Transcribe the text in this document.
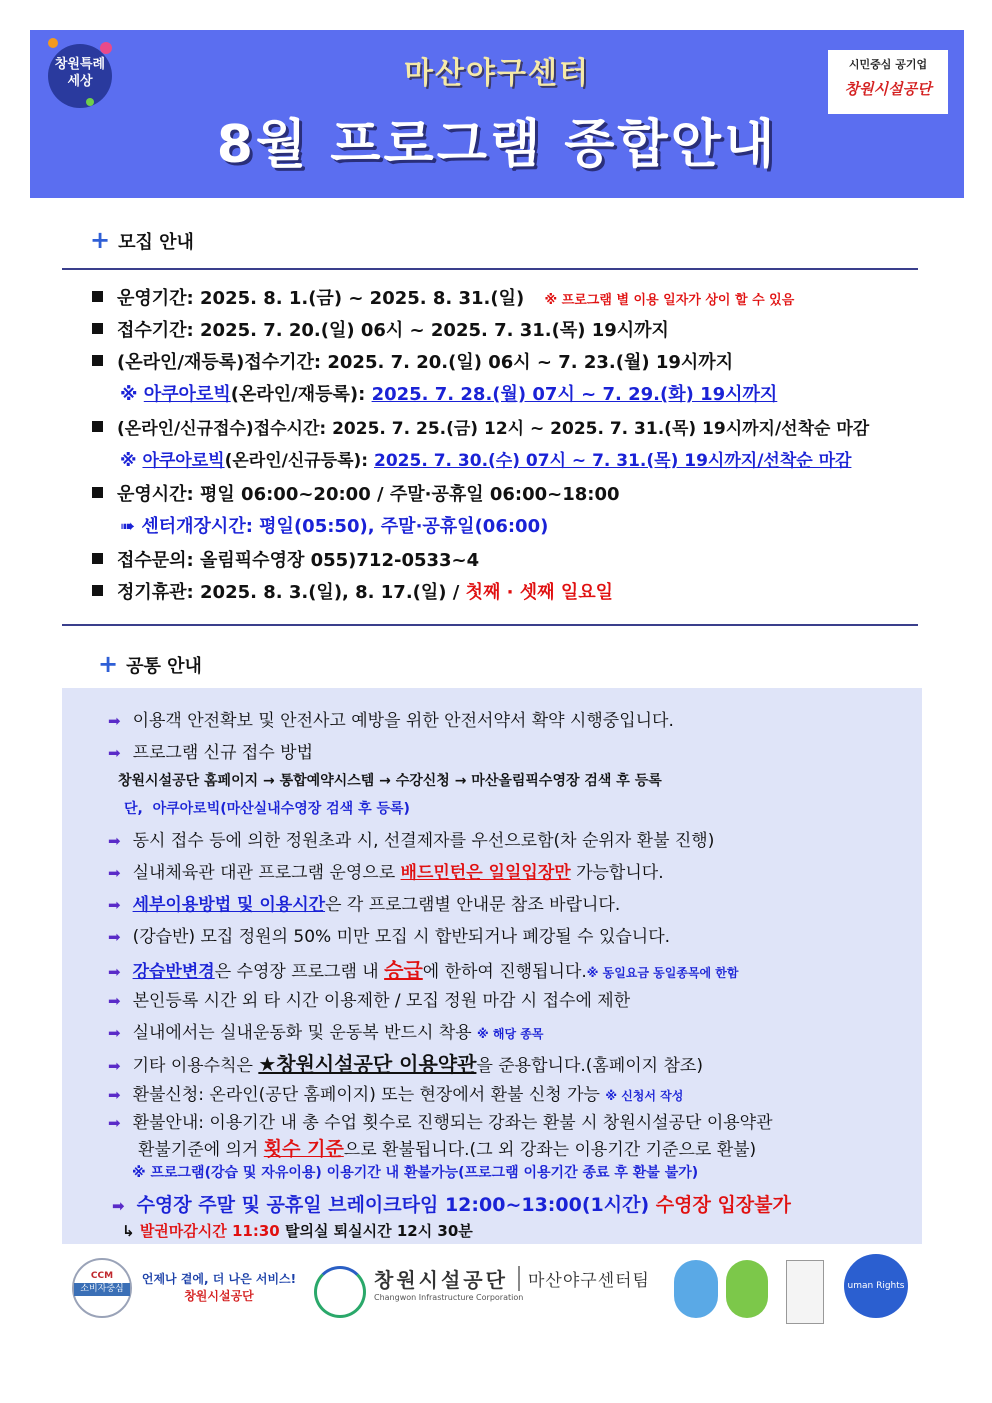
창원특례
세상	마산야구센터
8월 프로그램 종합안내
시민중심 공기업
창원시설공단
+ 모집 안내
운영기간: 2025. 8. 1.(금) ~ 2025. 8. 31.(일) ※ 프로그램 별 이용 일자가 상이 할 수 있음
접수기간: 2025. 7. 20.(일) 06시 ~ 2025. 7. 31.(목) 19시까지
(온라인/재등록)접수기간: 2025. 7. 20.(일) 06시 ~ 7. 23.(월) 19시까지
※ 아쿠아로빅(온라인/재등록): 2025. 7. 28.(월) 07시 ~ 7. 29.(화) 19시까지
(온라인/신규접수)접수시간: 2025. 7. 25.(금) 12시 ~ 2025. 7. 31.(목) 19시까지/선착순 마감
※ 아쿠아로빅(온라인/신규등록): 2025. 7. 30.(수) 07시 ~ 7. 31.(목) 19시까지/선착순 마감
운영시간: 평일 06:00~20:00 / 주말·공휴일 06:00~18:00
➠ 센터개장시간: 평일(05:50), 주말·공휴일(06:00)
접수문의: 올림픽수영장 055)712-0533~4
정기휴관: 2025. 8. 3.(일), 8. 17.(일) / 첫째 · 셋째 일요일
+ 공통 안내
➡ 이용객 안전확보 및 안전사고 예방을 위한 안전서약서 확약 시행중입니다.
➡ 프로그램 신규 접수 방법
창원시설공단 홈페이지 → 통합예약시스템 → 수강신청 → 마산올림픽수영장 검색 후 등록
단, 아쿠아로빅(마산실내수영장 검색 후 등록)
➡ 동시 접수 등에 의한 정원초과 시, 선결제자를 우선으로함(차 순위자 환불 진행)
➡ 실내체육관 대관 프로그램 운영으로 배드민턴은 일일입장만 가능합니다.
➡ 세부이용방법 및 이용시간은 각 프로그램별 안내문 참조 바랍니다.
➡ (강습반) 모집 정원의 50% 미만 모집 시 합반되거나 폐강될 수 있습니다.
➡ 강습반변경은 수영장 프로그램 내 승급에 한하여 진행됩니다.※ 동일요금 동일종목에 한함
➡ 본인등록 시간 외 타 시간 이용제한 / 모집 정원 마감 시 접수에 제한
➡ 실내에서는 실내운동화 및 운동복 반드시 착용 ※ 해당 종목
➡ 기타 이용수칙은 ★창원시설공단 이용약관을 준용합니다.(홈페이지 참조)
➡ 환불신청: 온라인(공단 홈페이지) 또는 현장에서 환불 신청 가능 ※ 신청서 작성
➡ 환불안내: 이용기간 내 총 수업 횟수로 진행되는 강좌는 환불 시 창원시설공단 이용약관
환불기준에 의거 횟수 기준으로 환불됩니다.(그 외 강좌는 이용기간 기준으로 환불)
※ 프로그램(강습 및 자유이용) 이용기간 내 환불가능(프로그램 이용기간 종료 후 환불 불가)
➡ 수영장 주말 및 공휴일 브레이크타임 12:00~13:00(1시간) 수영장 입장불가
↳ 발권마감시간 11:30 탈의실 퇴실시간 12시 30분
CCM
소비자중심
언제나 곁에, 더 나은 서비스!
창원시설공단
창원시설공단
Changwon Infrastructure Corporation
마산야구센터팀	uman Rights
